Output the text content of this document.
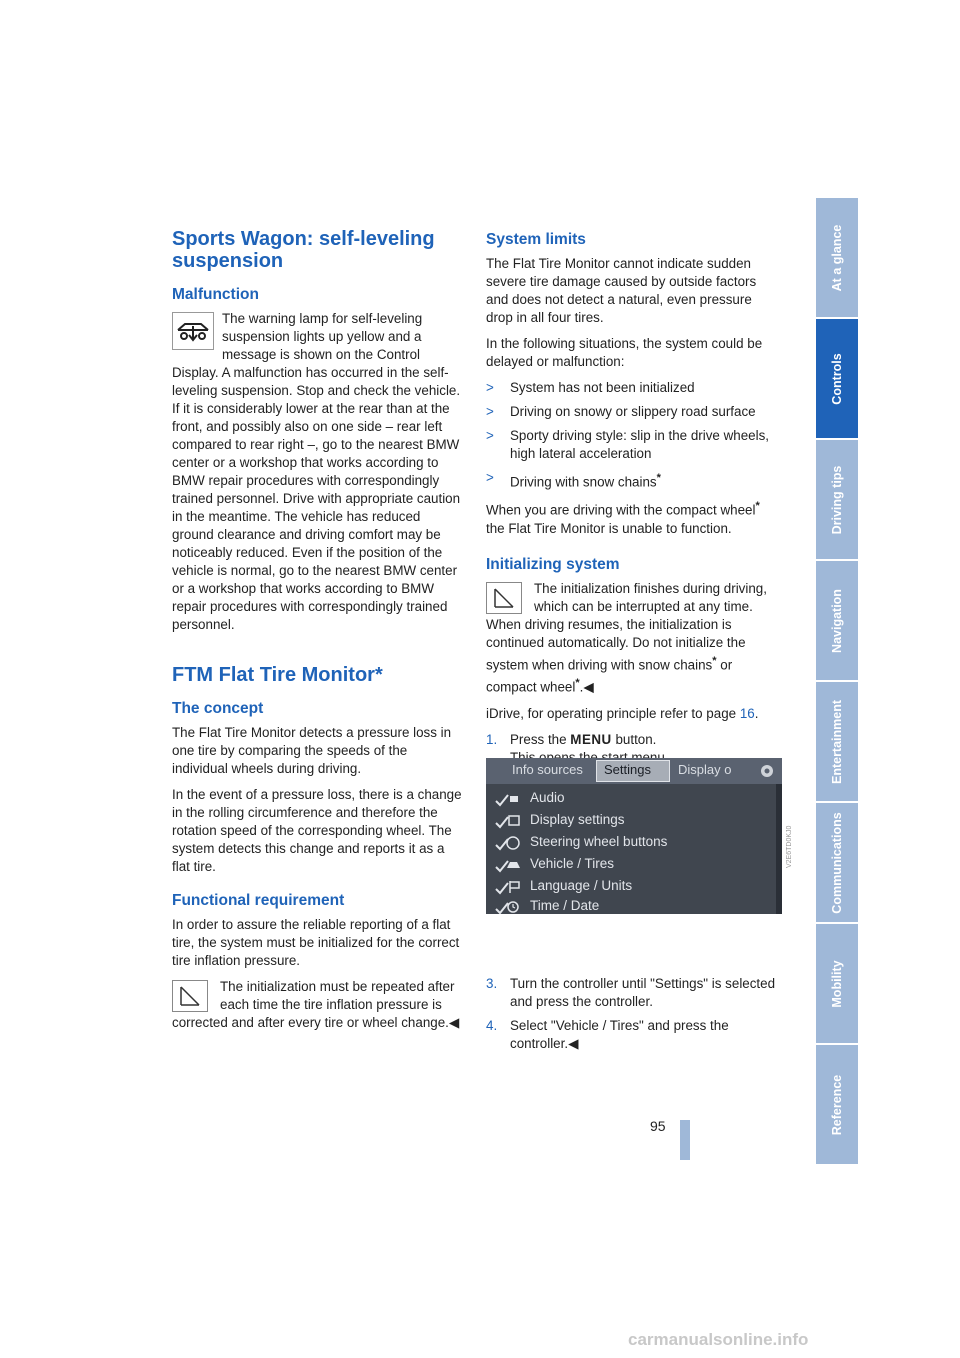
At a glance
Controls
Driving tips
Navigation
Entertainment
Communications
Mobility
Reference
Sports Wagon: self-leveling suspension
Malfunction

The warning lamp for self-leveling suspension lights up yellow and a message is shown on the Control Display. A malfunction has occurred in the self-leveling suspension. Stop and check the vehicle. If it is considerably lower at the rear than at the front, and possibly also on one side – rear left compared to rear right –, go to the nearest BMW center or a workshop that works according to BMW repair procedures with correspondingly trained personnel. Drive with appropriate caution in the meantime. The vehicle has reduced ground clearance and driving comfort may be noticeably reduced. Even if the position of the vehicle is normal, go to the nearest BMW center or a workshop that works according to BMW repair procedures with correspondingly trained personnel.

FTM Flat Tire Monitor*
The concept

The Flat Tire Monitor detects a pressure loss in one tire by comparing the speeds of the individual wheels during driving.

In the event of a pressure loss, there is a change in the rolling circumference and therefore the rotation speed of the corresponding wheel. The system detects this change and reports it as a flat tire.

Functional requirement

In order to assure the reliable reporting of a flat tire, the system must be initialized for the correct tire inflation pressure.

The initialization must be repeated after each time the tire inflation pressure is corrected and after every tire or wheel change.◀

System limits

The Flat Tire Monitor cannot indicate sudden severe tire damage caused by outside factors and does not detect a natural, even pressure drop in all four tires.

In the following situations, the system could be delayed or malfunction:

> System has not been initialized

> Driving on snowy or slippery road surface

> Sporty driving style: slip in the drive wheels, high lateral acceleration

> Driving with snow chains*

When you are driving with the compact wheel* the Flat Tire Monitor is unable to function.

Initializing system

The initialization finishes during driving, which can be interrupted at any time. When driving resumes, the initialization is continued automatically. Do not initialize the system when driving with snow chains* or compact wheel*.◀

iDrive, for operating principle refer to page 16.

1. Press the MENU button.

3. Turn the controller until "Settings" is selected and press the controller.

4. Select "Vehicle / Tires" and press the controller.◀

Info sources Settings Display o
Audio
Display settings
Steering wheel buttons
Vehicle / Tires
Language / Units
Time / Date
V2E6TD0KJ0
95
carmanualsonline.info
